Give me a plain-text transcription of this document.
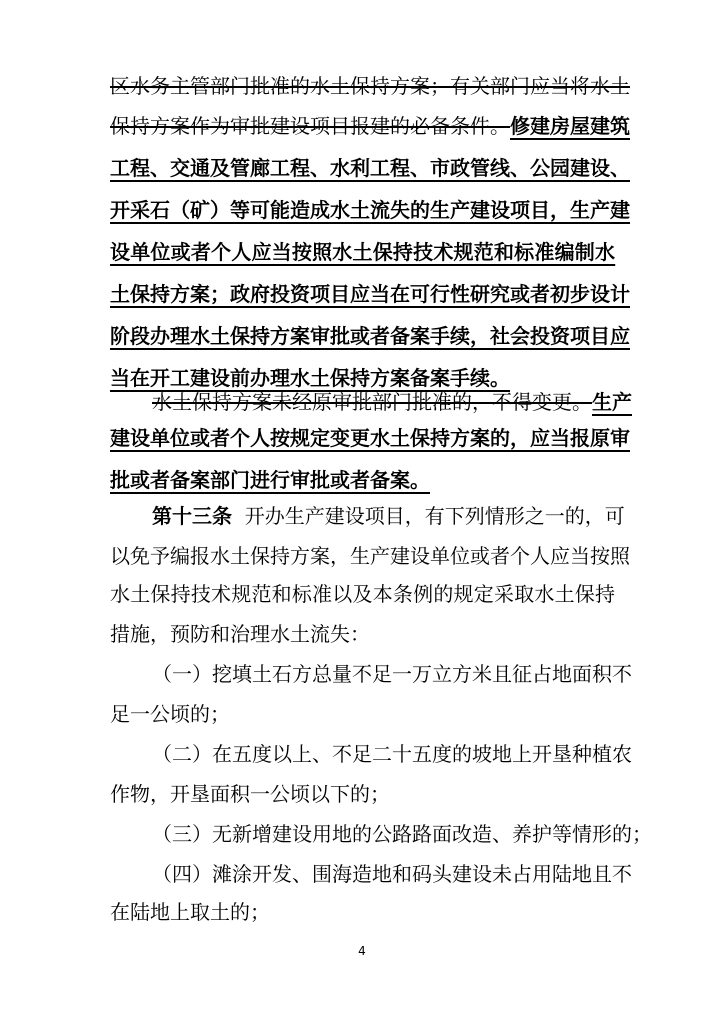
区水务主管部门批准的水土保持方案；有关部门应当将水土
保持方案作为审批建设项目报建的必备条件。 修建房屋建筑
工程、交通及管廊工程、水利工程、市政管线、公园建设、
开采石（矿）等可能造成水土流失的生产建设项目，生产建
设单位或者个人应当按照水土保持技术规范和标准编制水
土保持方案；政府投资项目应当在可行性研究或者初步设计
阶段办理水土保持方案审批或者备案手续，社会投资项目应
当在开工建设前办理水土保持方案备案手续。
水土保持方案未经原审批部门批准的，不得变更。 生产
建设单位或者个人按规定变更水土保持方案的，应当报原审
批或者备案部门进行审批或者备案。
第十三条 开办生产建设项目，有下列情形之一的，可
以免予编报水土保持方案，生产建设单位或者个人应当按照
水土保持技术规范和标准以及本条例的规定采取水土保持
措施，预防和治理水土流失：
（一）挖填土石方总量不足一万立方米且征占地面积不
足一公顷的；
（二）在五度以上、不足二十五度的坡地上开垦种植农
作物，开垦面积一公顷以下的；
（三）无新增建设用地的公路路面改造、养护等情形的；
（四）滩涂开发、围海造地和码头建设未占用陆地且不
在陆地上取土的；
4
